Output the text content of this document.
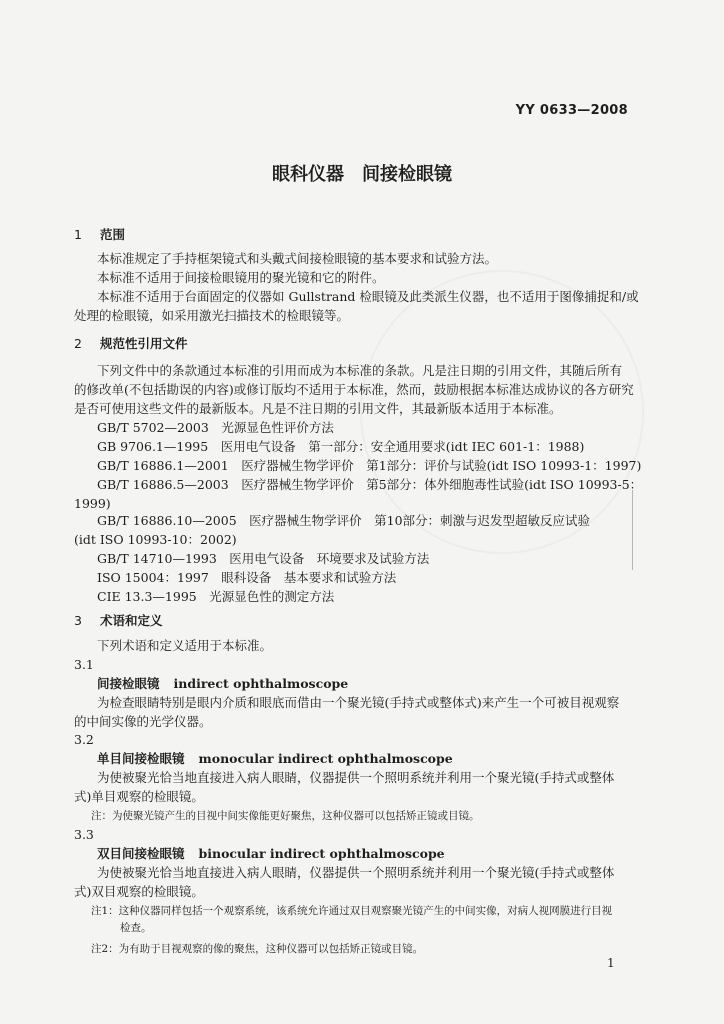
YY 0633—2008
眼科仪器　间接检眼镜
1 范围
本标准规定了手持框架镜式和头戴式间接检眼镜的基本要求和试验方法。
本标准不适用于间接检眼镜用的聚光镜和它的附件。
本标准不适用于台面固定的仪器如 Gullstrand 检眼镜及此类派生仪器，也不适用于图像捕捉和/或
处理的检眼镜，如采用激光扫描技术的检眼镜等。
2 规范性引用文件
下列文件中的条款通过本标准的引用而成为本标准的条款。凡是注日期的引用文件，其随后所有
的修改单(不包括勘误的内容)或修订版均不适用于本标准，然而，鼓励根据本标准达成协议的各方研究
是否可使用这些文件的最新版本。凡是不注日期的引用文件，其最新版本适用于本标准。
GB/T 5702—2003　光源显色性评价方法
GB 9706.1—1995　医用电气设备　第一部分：安全通用要求(idt IEC 601-1：1988)
GB/T 16886.1—2001　医疗器械生物学评价　第1部分：评价与试验(idt ISO 10993-1：1997)
GB/T 16886.5—2003　医疗器械生物学评价　第5部分：体外细胞毒性试验(idt ISO 10993-5：
1999)
GB/T 16886.10—2005　医疗器械生物学评价　第10部分：刺激与迟发型超敏反应试验
(idt ISO 10993-10：2002)
GB/T 14710—1993　医用电气设备　环境要求及试验方法
ISO 15004：1997　眼科设备　基本要求和试验方法
CIE 13.3—1995　光源显色性的测定方法
3 术语和定义
下列术语和定义适用于本标准。
3.1
间接检眼镜 indirect ophthalmoscope
为检查眼睛特别是眼内介质和眼底而借由一个聚光镜(手持式或整体式)来产生一个可被目视观察
的中间实像的光学仪器。
3.2
单目间接检眼镜 monocular indirect ophthalmoscope
为使被聚光恰当地直接进入病人眼睛，仪器提供一个照明系统并利用一个聚光镜(手持式或整体
式)单目观察的检眼镜。
注：为使聚光镜产生的目视中间实像能更好聚焦，这种仪器可以包括矫正镜或目镜。
3.3
双目间接检眼镜 binocular indirect ophthalmoscope
为使被聚光恰当地直接进入病人眼睛，仪器提供一个照明系统并利用一个聚光镜(手持式或整体
式)双目观察的检眼镜。
注1：这种仪器同样包括一个观察系统，该系统允许通过双目观察聚光镜产生的中间实像，对病人视网膜进行目视
检查。
注2：为有助于目视观察的像的聚焦，这种仪器可以包括矫正镜或目镜。
1
